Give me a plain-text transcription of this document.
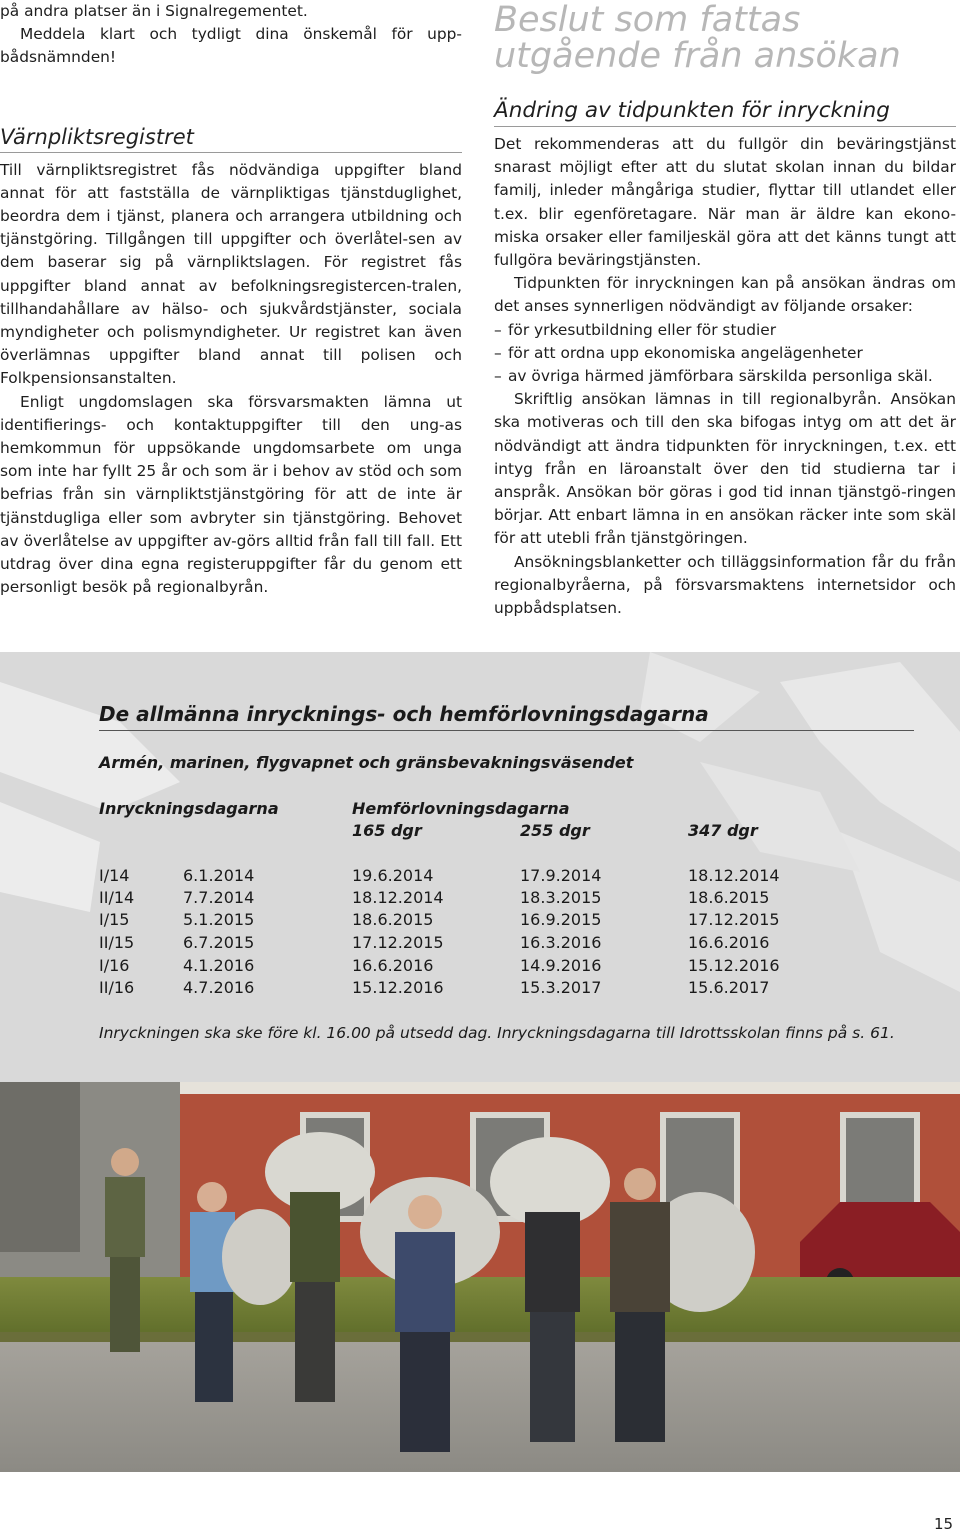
på andra platser än i Signalregementet.

Meddela klart och tydligt dina önskemål för upp-bådsnämnden!

Värnpliktsregistret

Till värnpliktsregistret fås nödvändiga uppgifter bland annat för att fastställa de värnpliktigas tjänstduglighet, beordra dem i tjänst, planera och arrangera utbildning och tjänstgöring. Tillgången till uppgifter och överlåtel-sen av dem baserar sig på värnpliktslagen. För registret fås uppgifter bland annat av befolkningsregistercen-tralen, tillhandahållare av hälso- och sjukvårdstjänster, sociala myndigheter och polismyndigheter. Ur registret kan även överlämnas uppgifter bland annat till polisen och Folkpensionsanstalten.

Enligt ungdomslagen ska försvarsmakten lämna ut identifierings- och kontaktuppgifter till den ung-as hemkommun för uppsökande ungdomsarbete om unga som inte har fyllt 25 år och som är i behov av stöd och som befrias från sin värnpliktstjänstgöring för att de inte är tjänstdugliga eller som avbryter sin tjänstgöring. Behovet av överlåtelse av uppgifter av-görs alltid från fall till fall. Ett utdrag över dina egna registeruppgifter får du genom ett personligt besök på regionalbyrån.

Beslut som fattas utgående från ansökan
Ändring av tidpunkten för inryckning

Det rekommenderas att du fullgör din beväringstjänst snarast möjligt efter att du slutat skolan innan du bildar familj, inleder mångåriga studier, flyttar till utlandet eller t.ex. blir egenföretagare. När man är äldre kan ekono-miska orsaker eller familjeskäl göra att det känns tungt att fullgöra beväringstjänsten.

Tidpunkten för inryckningen kan på ansökan ändras om det anses synnerligen nödvändigt av följande orsaker:

– för yrkesutbildning eller för studier
– för att ordna upp ekonomiska angelägenheter
– av övriga härmed jämförbara särskilda personliga skäl.

Skriftlig ansökan lämnas in till regionalbyrån. Ansökan ska motiveras och till den ska bifogas intyg om att det är nödvändigt att ändra tidpunkten för inryckningen, t.ex. ett intyg från en läroanstalt över den tid studierna tar i anspråk. Ansökan bör göras i god tid innan tjänstgö-ringen börjar. Att enbart lämna in en ansökan räcker inte som skäl för att utebli från tjänstgöringen.

Ansökningsblanketter och tilläggsinformation får du från regionalbyråerna, på försvarsmaktens internetsidor och uppbådsplatsen.

De allmänna inrycknings- och hemförlovningsdagarna
Armén, marinen, flygvapnet och gränsbevakningsväsendet
Inryckningsdagarna	Hemförlovningsdagarna
165 dgr	255 dgr	347 dgr
I/14	6.1.2014	19.6.2014	17.9.2014	18.12.2014
II/14	7.7.2014	18.12.2014	18.3.2015	18.6.2015
I/15	5.1.2015	18.6.2015	16.9.2015	17.12.2015
II/15	6.7.2015	17.12.2015	16.3.2016	16.6.2016
I/16	4.1.2016	16.6.2016	14.9.2016	15.12.2016
II/16	4.7.2016	15.12.2016	15.3.2017	15.6.2017
Inryckningen ska ske före kl. 16.00 på utsedd dag. Inryckningsdagarna till Idrottsskolan finns på s. 61.
15
